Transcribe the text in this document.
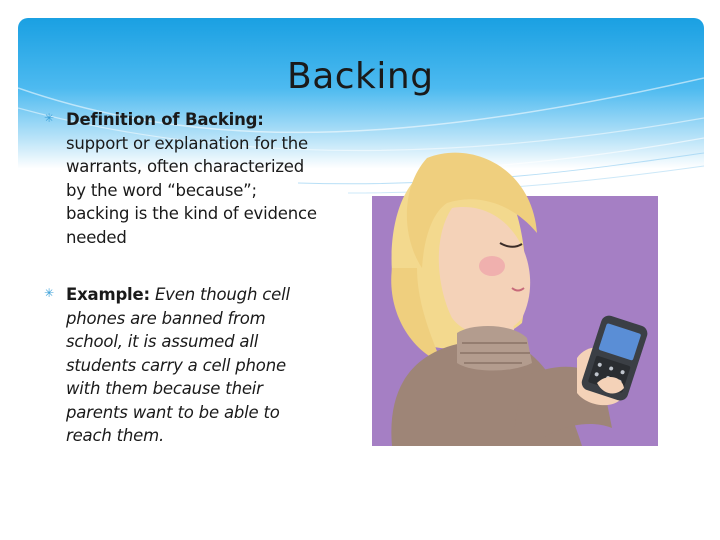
Backing
✳ Definition of Backing: support or explanation for the warrants, often characterized by the word “because”; backing is the kind of evidence needed
✳ Example: Even though cell phones are banned from school, it is assumed all students carry a cell phone with them because their parents want to be able to reach them.
